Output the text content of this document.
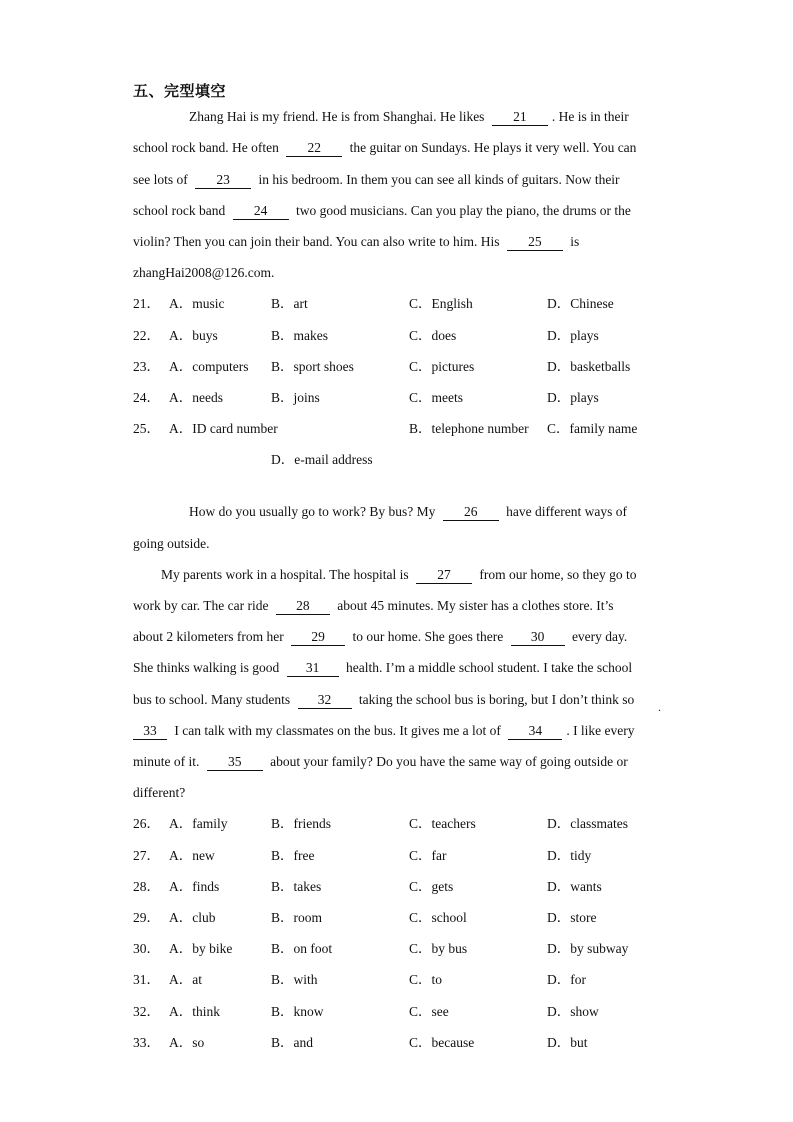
五、完型填空
Zhang Hai is my friend. He is from Shanghai. He likes 21 . He is in their
school rock band. He often 22 the guitar on Sundays. He plays it very well. You can
see lots of 23 in his bedroom. In them you can see all kinds of guitars. Now their
school rock band 24 two good musicians. Can you play the piano, the drums or the
violin? Then you can join their band. You can also write to him. His 25 is
zhangHai2008@126.com.
21． A．music	B．art	C．English	D．Chinese
22． A．buys	B．makes	C．does	D．plays
23． A．computers B．sport shoes	C．pictures	D．basketballs
24． A．needs	B．joins	C．meets	D．plays
25． A．ID card number	B．telephone number C．family name
D．e-mail address
How do you usually go to work? By bus? My 26 have different ways of
going outside.
My parents work in a hospital. The hospital is 27 from our home, so they go to
work by car. The car ride 28 about 45 minutes. My sister has a clothes store. It’s
about 2 kilometers from her 29 to our home. She goes there 30 every day.
She thinks walking is good 31 health. I’m a middle school student. I take the school
bus to school. Many students 32 taking the school bus is boring, but I don’t think so .
33 I can talk with my classmates on the bus. It gives me a lot of 34 . I like every
minute of it. 35 about your family? Do you have the same way of going outside or
different?
26． A．family	B．friends	C．teachers	D．classmates
27． A．new	B．free	C．far	D．tidy
28． A．finds	B．takes	C．gets	D．wants
29． A．club	B．room	C．school	D．store
30． A．by bike	B．on foot	C．by bus	D．by subway
31． A．at	B．with	C．to	D．for
32． A．think	B．know	C．see	D．show
33． A．so	B．and	C．because	D．but
